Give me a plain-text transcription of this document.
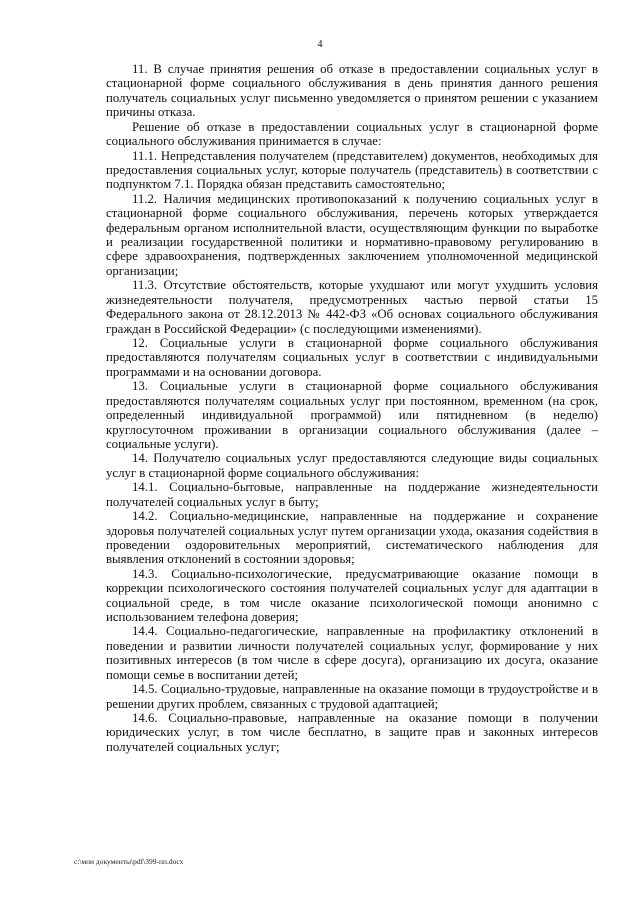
4

11. В случае принятия решения об отказе в предоставлении социальных услуг в стационарной форме социального обслуживания в день принятия данного решения получатель социальных услуг письменно уведомляется о принятом решении с указанием причины отказа.

Решение об отказе в предоставлении социальных услуг в стационарной форме социального обслуживания принимается в случае:

11.1. Непредставления получателем (представителем) документов, необходимых для предоставления социальных услуг, которые получатель (представитель) в соответствии с подпунктом 7.1. Порядка обязан представить самостоятельно;

11.2. Наличия медицинских противопоказаний к получению социальных услуг в стационарной форме социального обслуживания, перечень которых утверждается федеральным органом исполнительной власти, осуществляющим функции по выработке и реализации государственной политики и нормативно-правовому регулированию в сфере здравоохранения, подтвержденных заключением уполномоченной медицинской организации;

11.3. Отсутствие обстоятельств, которые ухудшают или могут ухудшить условия жизнедеятельности получателя, предусмотренных частью первой статьи 15 Федерального закона от 28.12.2013 № 442-ФЗ «Об основах социального обслуживания граждан в Российской Федерации» (с последующими изменениями).

12. Социальные услуги в стационарной форме социального обслуживания предоставляются получателям социальных услуг в соответствии с индивидуальными программами и на основании договора.

13. Социальные услуги в стационарной форме социального обслуживания предоставляются получателям социальных услуг при постоянном, временном (на срок, определенный индивидуальной программой) или пятидневном (в неделю) круглосуточном проживании в организации социального обслуживания (далее – социальные услуги).

14. Получателю социальных услуг предоставляются следующие виды социальных услуг в стационарной форме социального обслуживания:

14.1. Социально-бытовые, направленные на поддержание жизнедеятельности получателей социальных услуг в быту;

14.2. Социально-медицинские, направленные на поддержание и сохранение здоровья получателей социальных услуг путем организации ухода, оказания содействия в проведении оздоровительных мероприятий, систематического наблюдения для выявления отклонений в состоянии здоровья;

14.3. Социально-психологические, предусматривающие оказание помощи в коррекции психологического состояния получателей социальных услуг для адаптации в социальной среде, в том числе оказание психологической помощи анонимно с использованием телефона доверия;

14.4. Социально-педагогические, направленные на профилактику отклонений в поведении и развитии личности получателей социальных услуг, формирование у них позитивных интересов (в том числе в сфере досуга), организацию их досуга, оказание помощи семье в воспитании детей;

14.5. Социально-трудовые, направленные на оказание помощи в трудоустройстве и в решении других проблем, связанных с трудовой адаптацией;

14.6. Социально-правовые, направленные на оказание помощи в получении юридических услуг, в том числе бесплатно, в защите прав и законных интересов получателей социальных услуг;

c:\мои документы\pdf\399-пп.docx
